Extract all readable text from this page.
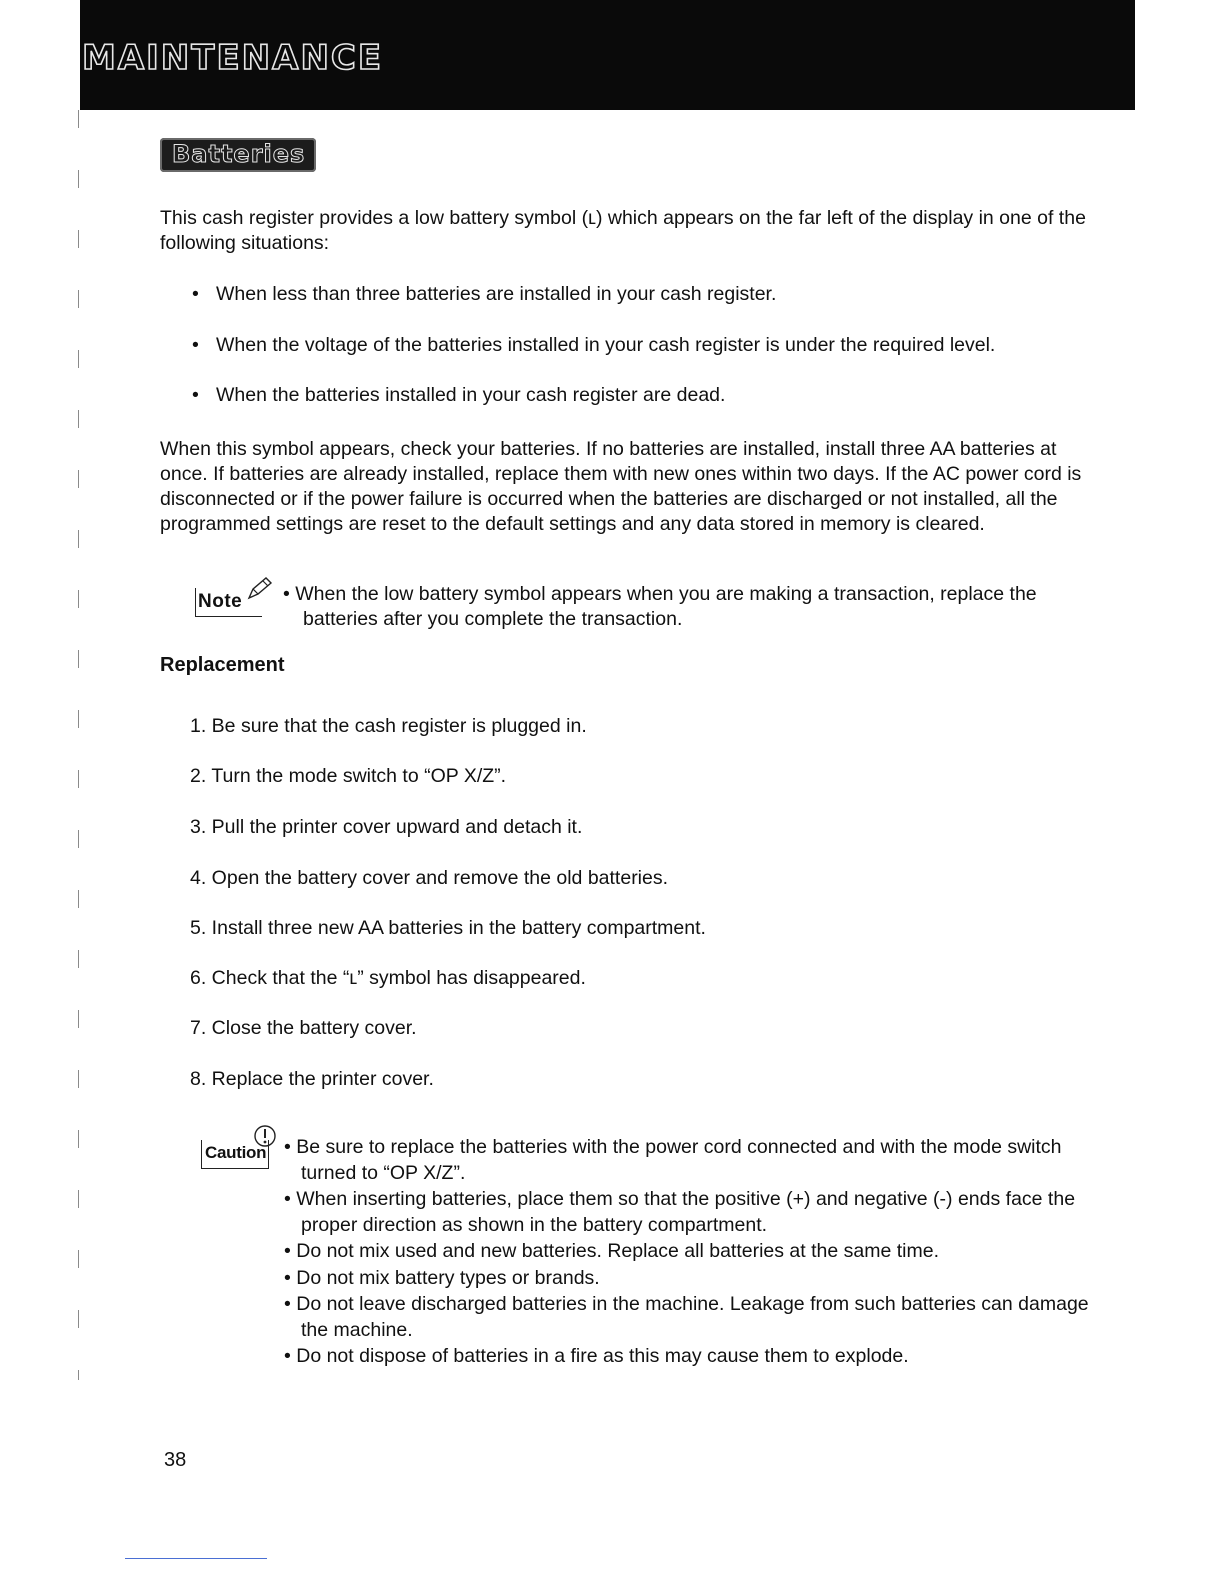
MAINTENANCE
Batteries
This cash register provides a low battery symbol (ʟ) which appears on the far left of the display in one of the following situations:
• When less than three batteries are installed in your cash register.
• When the voltage of the batteries installed in your cash register is under the required level.
• When the batteries installed in your cash register are dead.
When this symbol appears, check your batteries. If no batteries are installed, install three AA batteries at once. If batteries are already installed, replace them with new ones within two days. If the AC power cord is disconnected or if the power failure is occurred when the batteries are discharged or not installed, all the programmed settings are reset to the default settings and any data stored in memory is cleared.
Note • When the low battery symbol appears when you are making a transaction, replace the batteries after you complete the transaction.
Replacement
1. Be sure that the cash register is plugged in.
2. Turn the mode switch to “OP X/Z”.
3. Pull the printer cover upward and detach it.
4. Open the battery cover and remove the old batteries.
5. Install three new AA batteries in the battery compartment.
6. Check that the “ʟ” symbol has disappeared.
7. Close the battery cover.
8. Replace the printer cover.
Caution • Be sure to replace the batteries with the power cord connected and with the mode switch turned to “OP X/Z”.
• When inserting batteries, place them so that the positive (+) and negative (-) ends face the proper direction as shown in the battery compartment.
• Do not mix used and new batteries. Replace all batteries at the same time.
• Do not mix battery types or brands.
• Do not leave discharged batteries in the machine. Leakage from such batteries can damage the machine.
• Do not dispose of batteries in a fire as this may cause them to explode.
38
